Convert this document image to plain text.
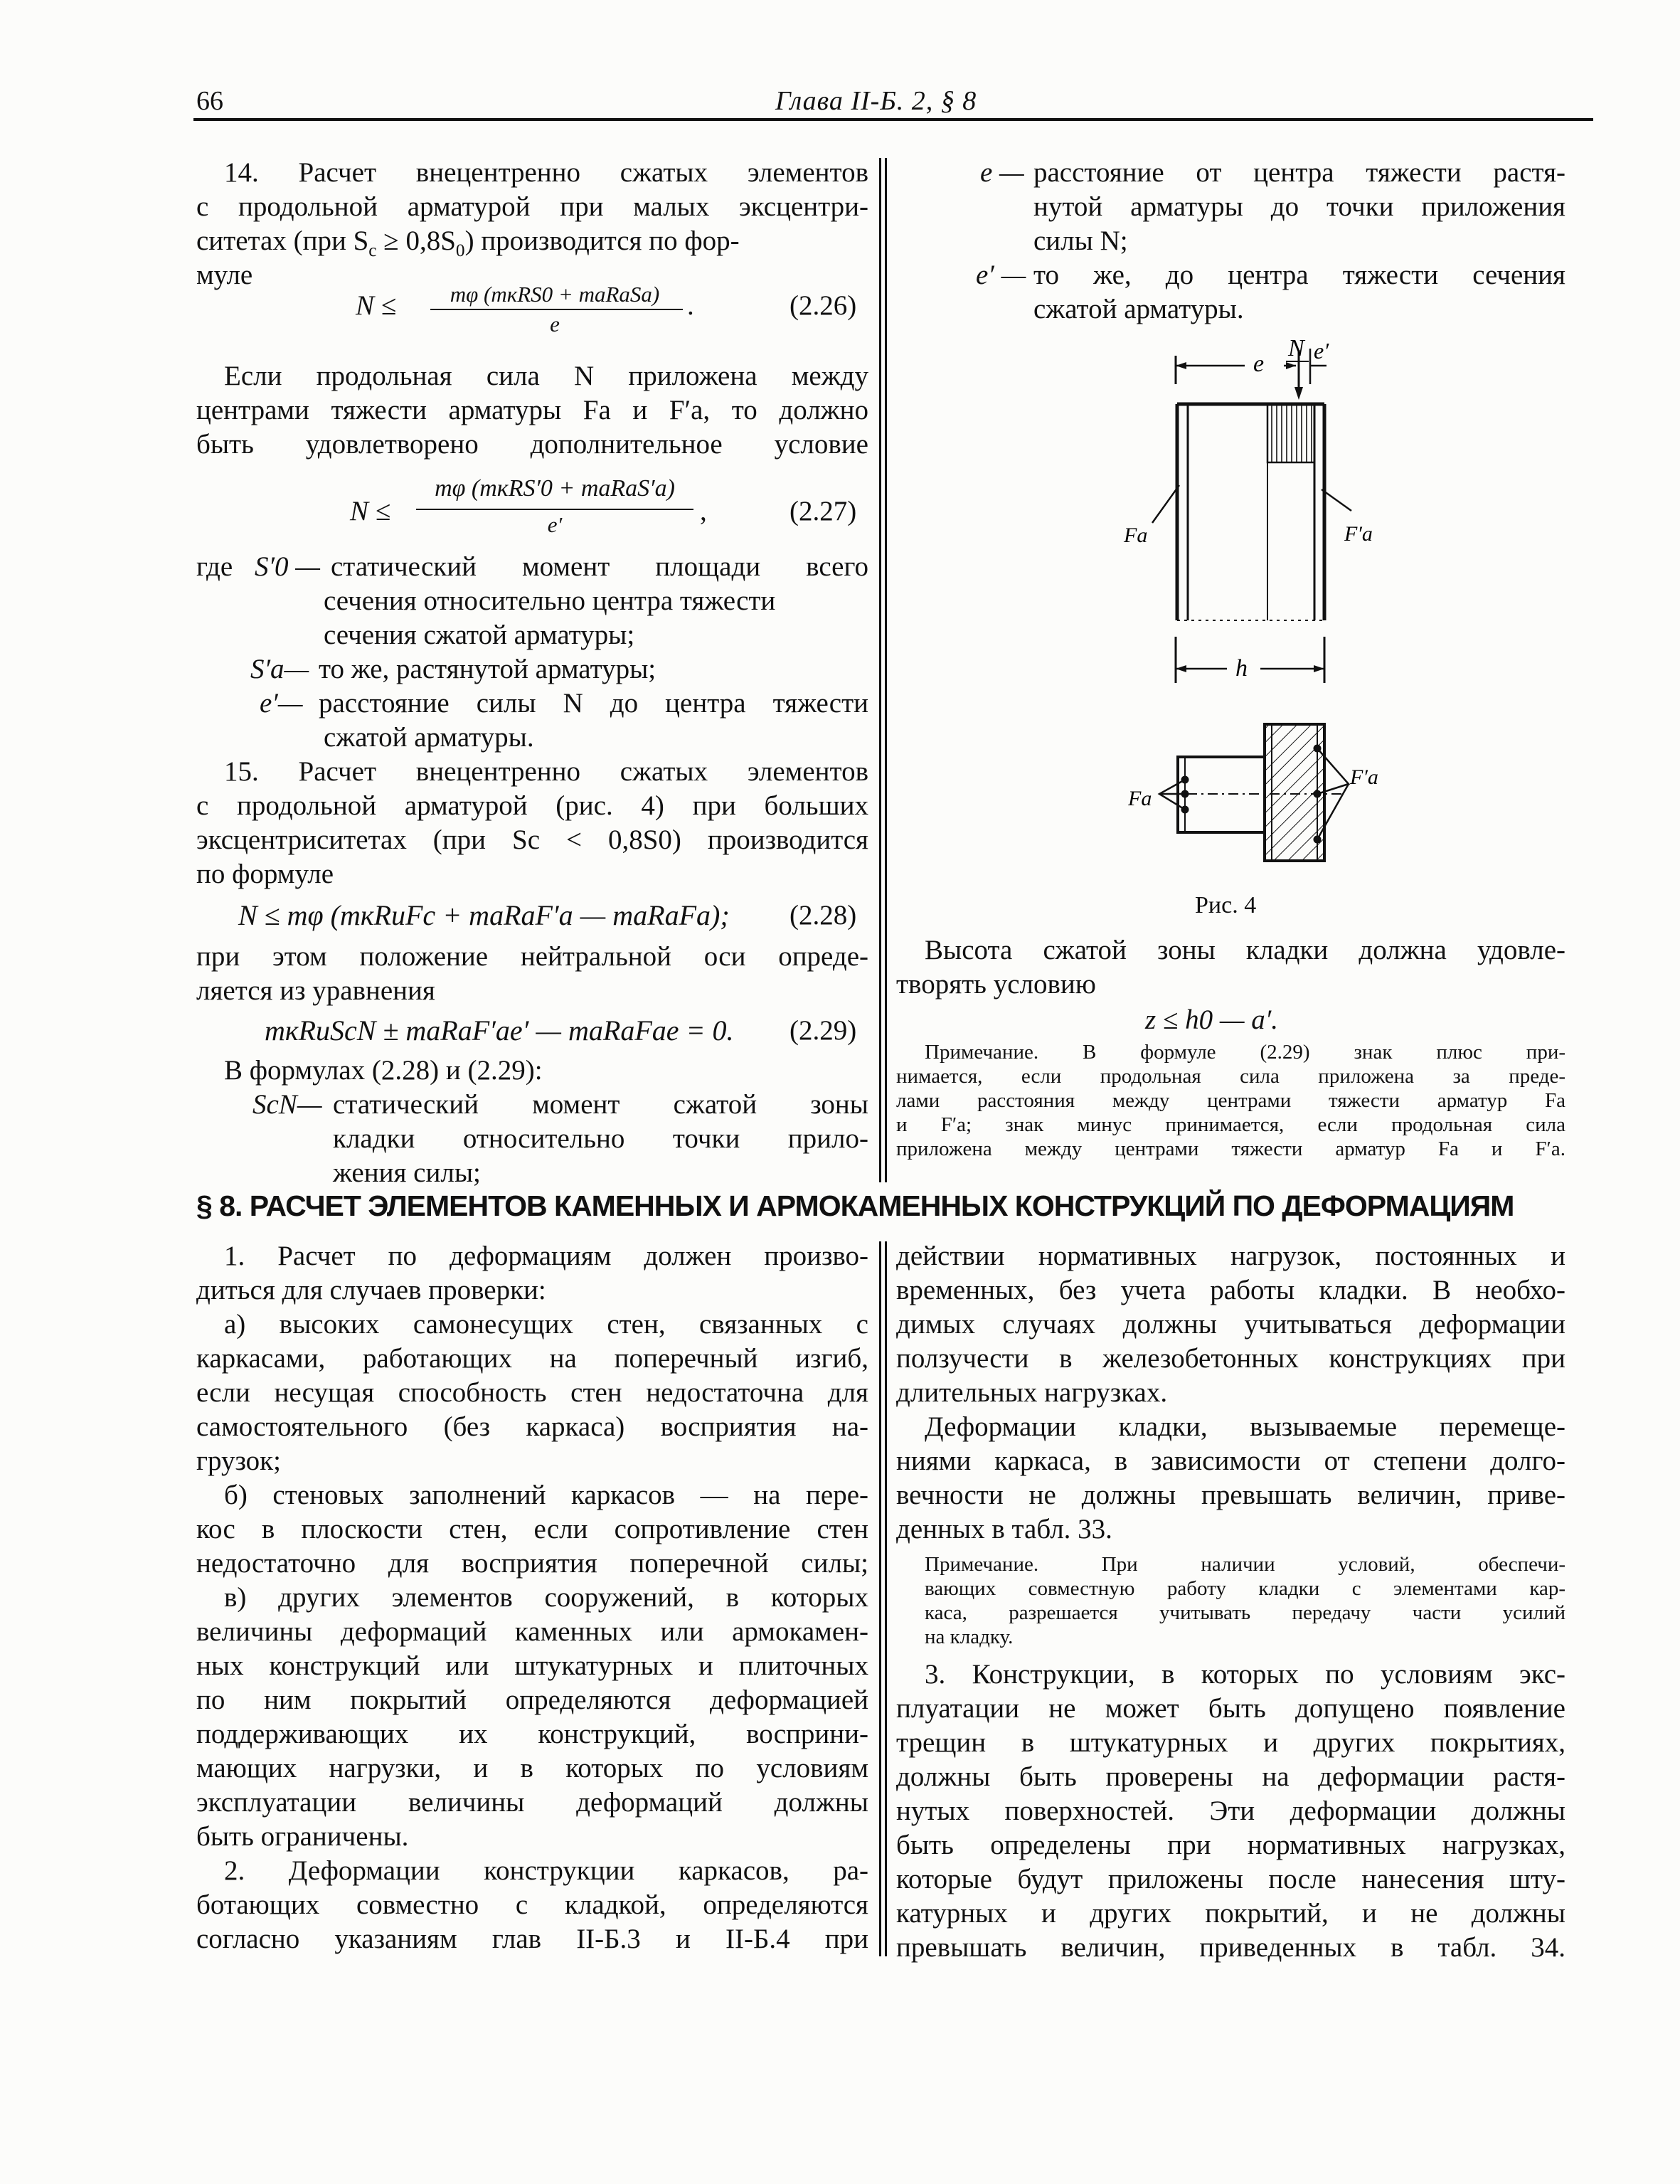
66	Глава II-Б. 2, § 8
14. Расчет внецентренно сжатых элементов
с продольной арматурой при малых эксцентри-
ситетах (при $S_с \ge 0,8S_0$) производится по фор-
муле
N ≤	mφ (mкRS0 + maRaSa)
e
.	(2.26)
Если продольная сила N приложена между
центрами тяжести арматуры Fа и F′а, то должно
быть удовлетворено дополнительное условие
N ≤
mφ (mкRS′0 + maRaS′a)
e′	,	(2.27)
где S′0 — статический момент площади всего
сечения относительно центра тяжести
сечения сжатой арматуры;
S′а— то же, растянутой арматуры;
e′— расстояние силы N до центра тяжести
сжатой арматуры.
15. Расчет внецентренно сжатых элементов
с продольной арматурой (рис. 4) при больших
эксцентриситетах (при Sс < 0,8S0) производится
по формуле
N ≤ mφ (mкRиFс + maRaF′a — maRaFa); (2.28)
при этом положение нейтральной оси опреде-
ляется из уравнения
mкRиScN ± maRaF′ae′ — maRaFae = 0. (2.29)
В формулах (2.28) и (2.29):
ScN— статический момент сжатой зоны
кладки относительно точки прило-
жения силы;
e — расстояние от центра тяжести растя-
нутой арматуры до точки приложения
силы N;
e′ — то же, до центра тяжести сечения
сжатой арматуры.
e
N e′
Fa	F′a
h
Fa
F′a
Рис. 4
Высота сжатой зоны кладки должна удовле-
творять условию
z ≤ h0 — a′.
Примечание. В формуле (2.29) знак плюс при-
нимается, если продольная сила приложена за преде-
лами расстояния между центрами тяжести арматур Fа
и F′а; знак минус принимается, если продольная сила
приложена между центрами тяжести арматур Fа и F′а.
§ 8. РАСЧЕТ ЭЛЕМЕНТОВ КАМЕННЫХ И АРМОКАМЕННЫХ КОНСТРУКЦИЙ ПО ДЕФОРМАЦИЯМ
1. Расчет по деформациям должен произво-
диться для случаев проверки:
а) высоких самонесущих стен, связанных с
каркасами, работающих на поперечный изгиб,
если несущая способность стен недостаточна для
самостоятельного (без каркаса) восприятия на-
грузок;
б) стеновых заполнений каркасов — на пере-
кос в плоскости стен, если сопротивление стен
недостаточно для восприятия поперечной силы;
в) других элементов сооружений, в которых
величины деформаций каменных или армокамен-
ных конструкций или штукатурных и плиточных
по ним покрытий определяются деформацией
поддерживающих их конструкций, восприни-
мающих нагрузки, и в которых по условиям
эксплуатации величины деформаций должны
быть ограничены.
2. Деформации конструкции каркасов, ра-
ботающих совместно с кладкой, определяются
согласно указаниям глав II-Б.3 и II-Б.4 при
действии нормативных нагрузок, постоянных и
временных, без учета работы кладки. В необхо-
димых случаях должны учитываться деформации
ползучести в железобетонных конструкциях при
длительных нагрузках.
Деформации кладки, вызываемые перемеще-
ниями каркаса, в зависимости от степени долго-
вечности не должны превышать величин, приве-
денных в табл. 33.
Примечание. При наличии условий, обеспечи-
вающих совместную работу кладки с элементами кар-
каса, разрешается учитывать передачу части усилий
на кладку.
3. Конструкции, в которых по условиям экс-
плуатации не может быть допущено появление
трещин в штукатурных и других покрытиях,
должны быть проверены на деформации растя-
нутых поверхностей. Эти деформации должны
быть определены при нормативных нагрузках,
которые будут приложены после нанесения шту-
катурных и других покрытий, и не должны
превышать величин, приведенных в табл. 34.
